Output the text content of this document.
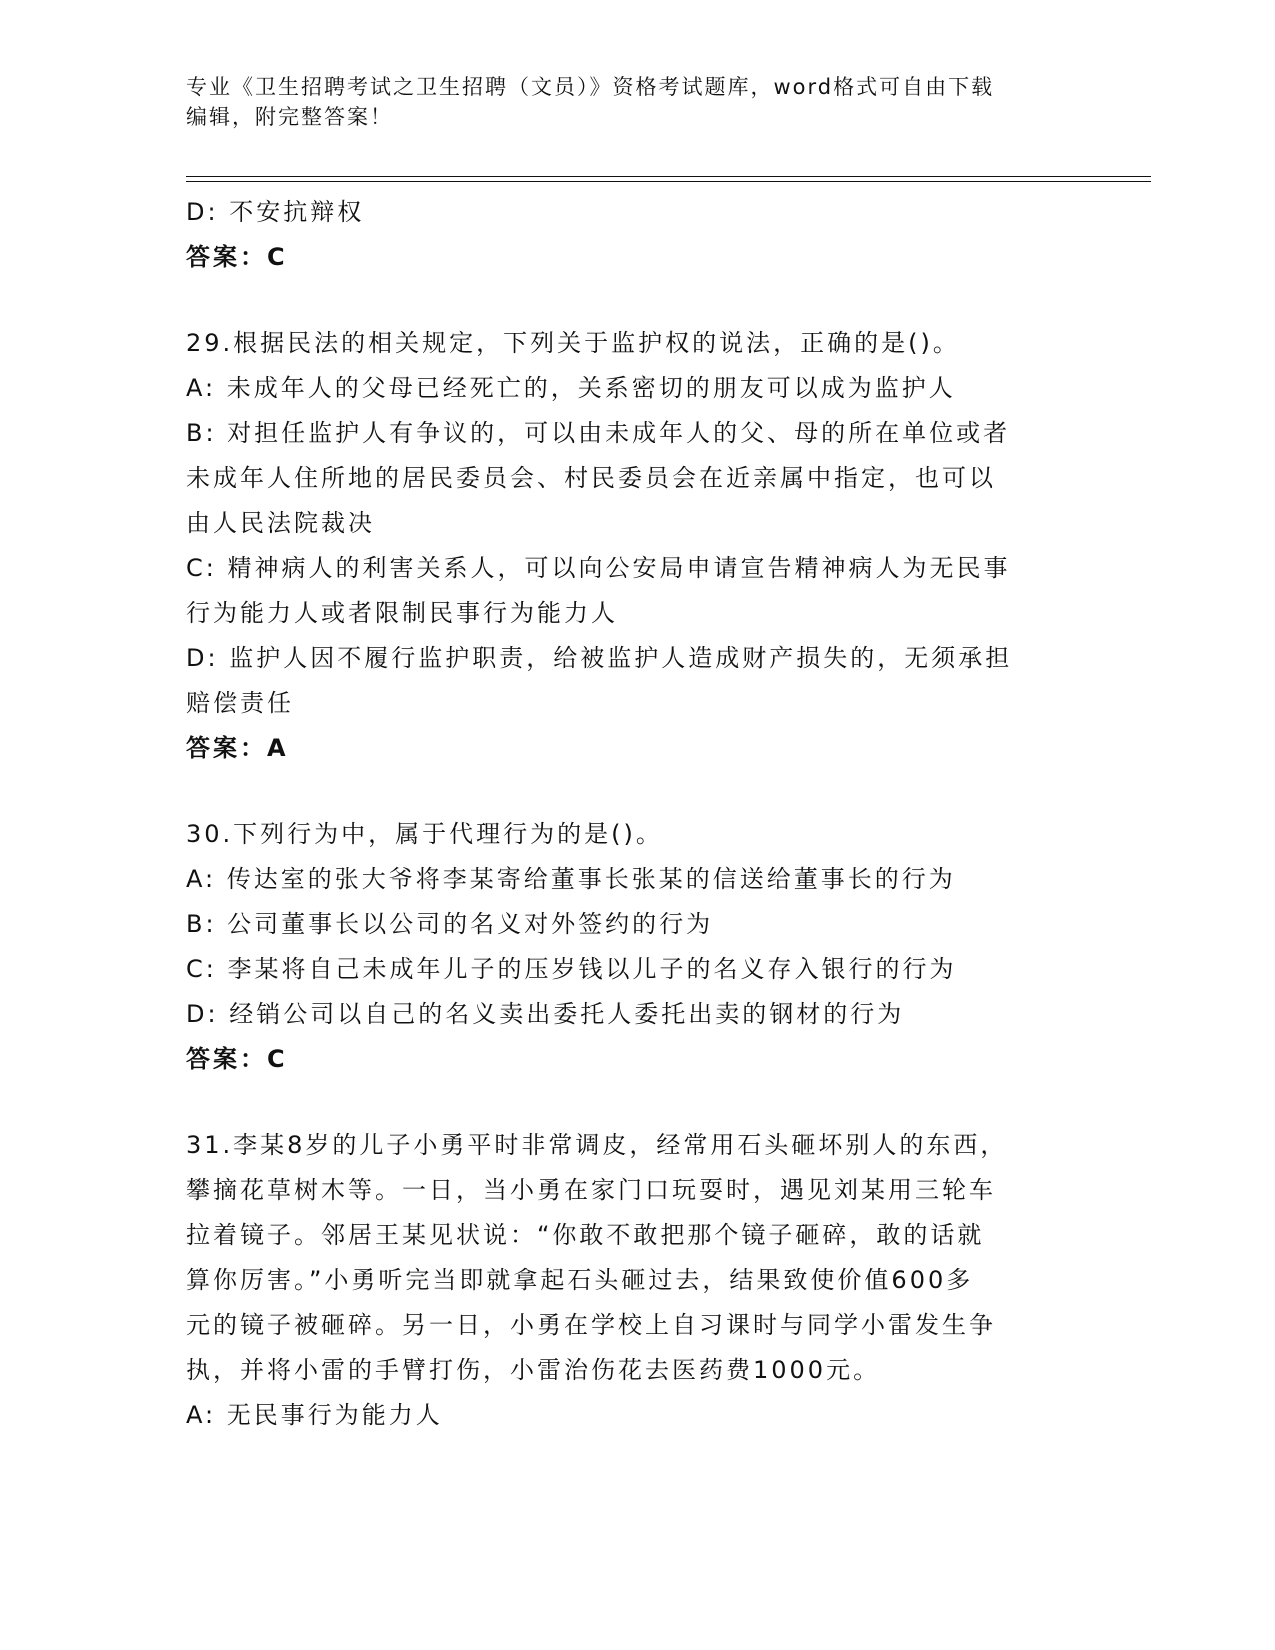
专业《卫生招聘考试之卫生招聘（文员）》资格考试题库，word格式可自由下载

编辑，附完整答案！

D: 不安抗辩权

答案：C

29.根据民法的相关规定，下列关于监护权的说法，正确的是()。

A: 未成年人的父母已经死亡的，关系密切的朋友可以成为监护人

B: 对担任监护人有争议的，可以由未成年人的父、母的所在单位或者

未成年人住所地的居民委员会、村民委员会在近亲属中指定，也可以

由人民法院裁决

C: 精神病人的利害关系人，可以向公安局申请宣告精神病人为无民事

行为能力人或者限制民事行为能力人

D: 监护人因不履行监护职责，给被监护人造成财产损失的，无须承担

赔偿责任

答案：A

30.下列行为中，属于代理行为的是()。

A: 传达室的张大爷将李某寄给董事长张某的信送给董事长的行为

B: 公司董事长以公司的名义对外签约的行为

C: 李某将自己未成年儿子的压岁钱以儿子的名义存入银行的行为

D: 经销公司以自己的名义卖出委托人委托出卖的钢材的行为

答案：C

31.李某8岁的儿子小勇平时非常调皮，经常用石头砸坏别人的东西，

攀摘花草树木等。一日，当小勇在家门口玩耍时，遇见刘某用三轮车

拉着镜子。邻居王某见状说：“你敢不敢把那个镜子砸碎，敢的话就

算你厉害。”小勇听完当即就拿起石头砸过去，结果致使价值600多

元的镜子被砸碎。另一日，小勇在学校上自习课时与同学小雷发生争

执，并将小雷的手臂打伤，小雷治伤花去医药费1000元。

A: 无民事行为能力人
